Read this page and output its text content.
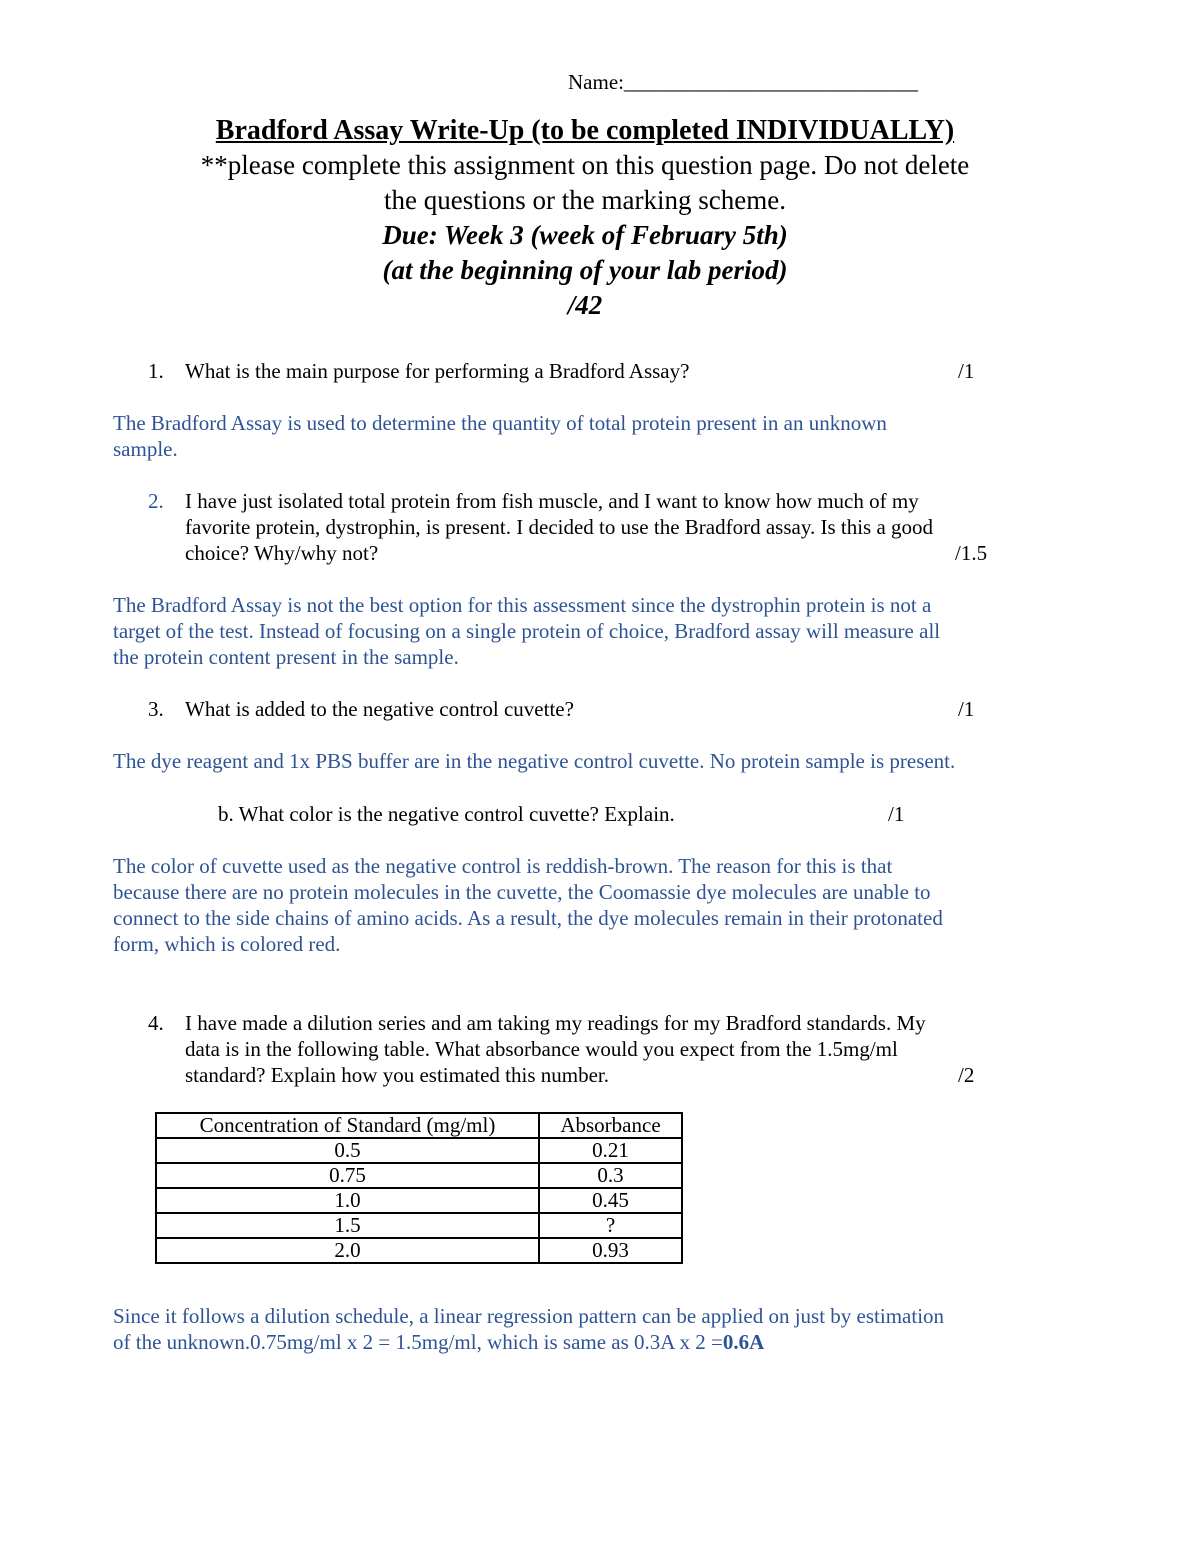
Name:____________________________
Bradford Assay Write-Up (to be completed INDIVIDUALLY)
**please complete this assignment on this question page. Do not delete
the questions or the marking scheme.
Due: Week 3 (week of February 5th)
(at the beginning of your lab period)
/42
1. What is the main purpose for performing a Bradford Assay?	/1
The Bradford Assay is used to determine the quantity of total protein present in an unknown
sample.
2. I have just isolated total protein from fish muscle, and I want to know how much of my
favorite protein, dystrophin, is present. I decided to use the Bradford assay. Is this a good
choice? Why/why not?	/1.5
The Bradford Assay is not the best option for this assessment since the dystrophin protein is not a
target of the test. Instead of focusing on a single protein of choice, Bradford assay will measure all
the protein content present in the sample.
3. What is added to the negative control cuvette?	/1
The dye reagent and 1x PBS buffer are in the negative control cuvette. No protein sample is present.
b. What color is the negative control cuvette? Explain.	/1
The color of cuvette used as the negative control is reddish-brown. The reason for this is that
because there are no protein molecules in the cuvette, the Coomassie dye molecules are unable to
connect to the side chains of amino acids. As a result, the dye molecules remain in their protonated
form, which is colored red.
4. I have made a dilution series and am taking my readings for my Bradford standards. My
data is in the following table. What absorbance would you expect from the 1.5mg/ml
standard? Explain how you estimated this number.	/2
Concentration of Standard (mg/ml)	Absorbance
0.5	0.21
0.75	0.3
1.0	0.45
1.5	?
2.0	0.93
Since it follows a dilution schedule, a linear regression pattern can be applied on just by estimation
of the unknown.0.75mg/ml x 2 = 1.5mg/ml, which is same as 0.3A x 2 =0.6A
